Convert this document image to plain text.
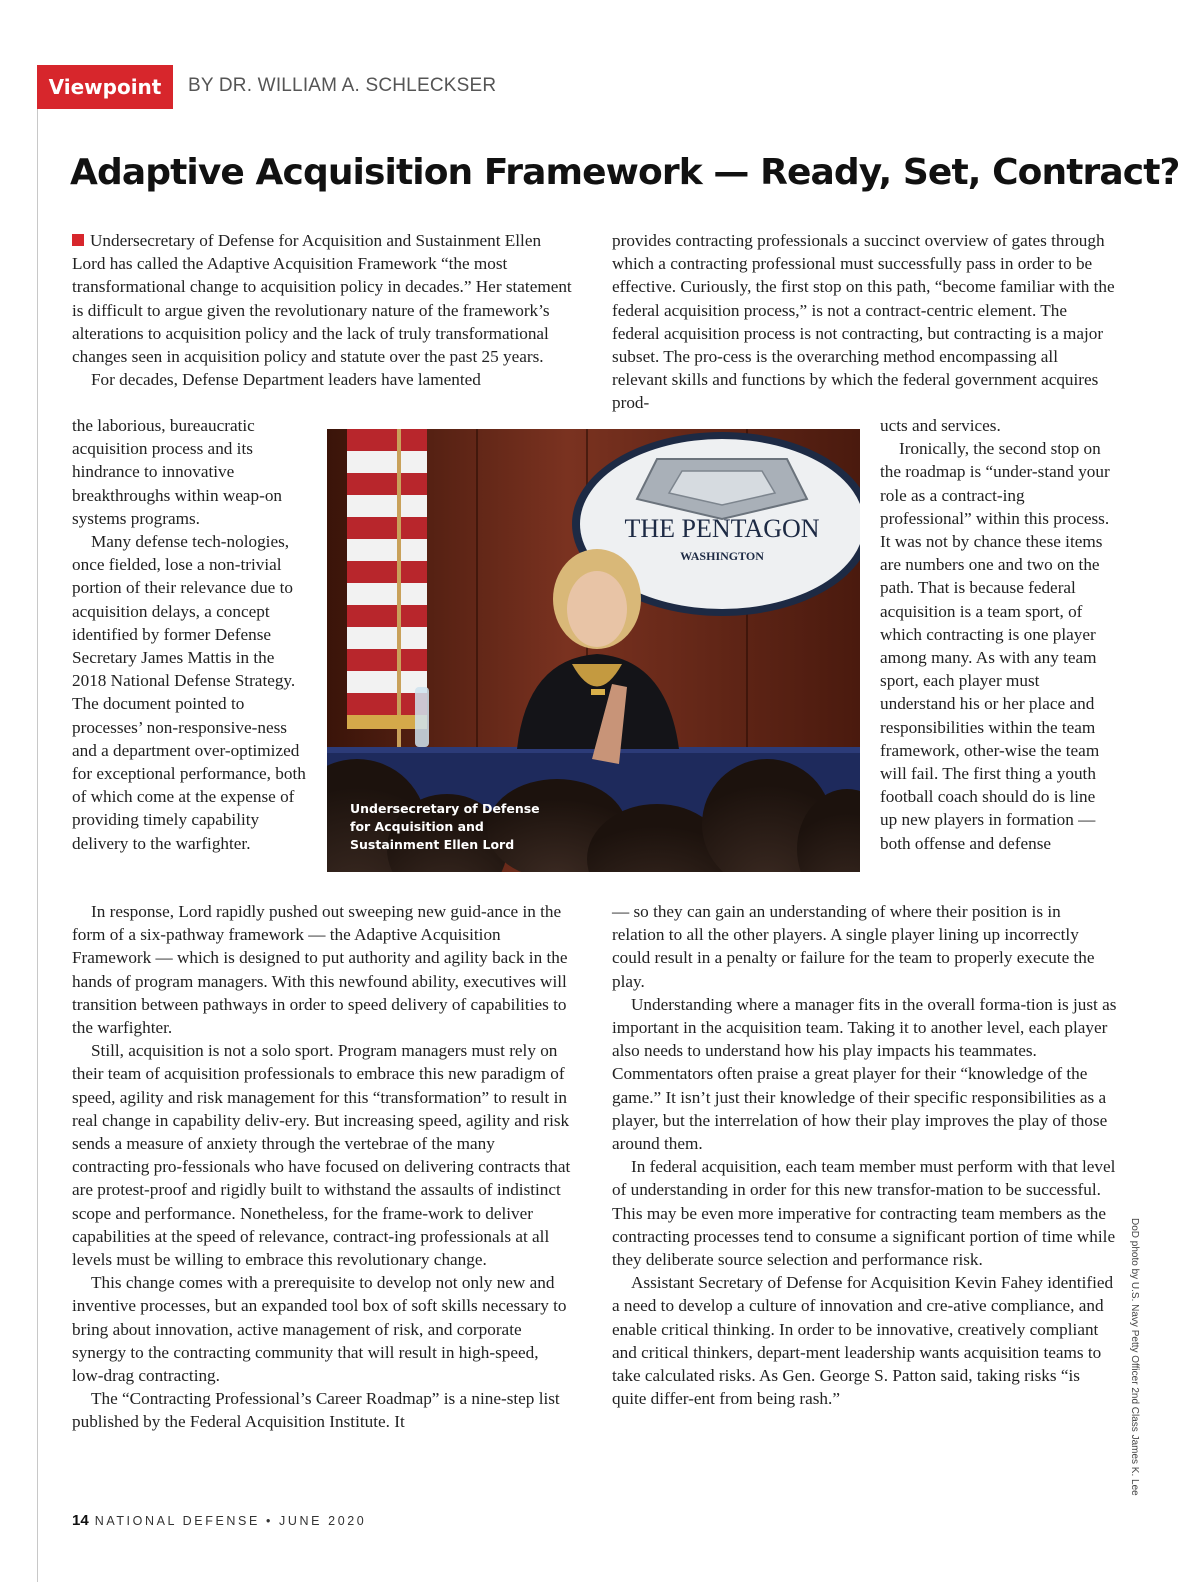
Viewpoint	BY DR. WILLIAM A. SCHLECKSER
Adaptive Acquisition Framework — Ready, Set, Contract?

Undersecretary of Defense for Acquisition and Sustainment Ellen Lord has called the Adaptive Acquisition Framework “the most transformational change to acquisition policy in decades.” Her statement is difficult to argue given the revolutionary nature of the framework’s alterations to acquisition policy and the lack of truly transformational changes seen in acquisition policy and statute over the past 25 years.

For decades, Defense Department leaders have lamented

the laborious, bureaucratic acquisition process and its hindrance to innovative breakthroughs within weap-on systems programs.

Many defense tech-nologies, once fielded, lose a non-trivial portion of their relevance due to acquisition delays, a concept identified by former Defense Secretary James Mattis in the 2018 National Defense Strategy. The document pointed to processes’ non-responsive-ness and a department over-optimized for exceptional performance, both of which come at the expense of providing timely capability delivery to the warfighter.

In response, Lord rapidly pushed out sweeping new guid-ance in the form of a six-pathway framework — the Adaptive Acquisition Framework — which is designed to put authority and agility back in the hands of program managers. With this newfound ability, executives will transition between pathways in order to speed delivery of capabilities to the warfighter.

Still, acquisition is not a solo sport. Program managers must rely on their team of acquisition professionals to embrace this new paradigm of speed, agility and risk management for this “transformation” to result in real change in capability deliv-ery. But increasing speed, agility and risk sends a measure of anxiety through the vertebrae of the many contracting pro-fessionals who have focused on delivering contracts that are protest-proof and rigidly built to withstand the assaults of indistinct scope and performance. Nonetheless, for the frame-work to deliver capabilities at the speed of relevance, contract-ing professionals at all levels must be willing to embrace this revolutionary change.

This change comes with a prerequisite to develop not only new and inventive processes, but an expanded tool box of soft skills necessary to bring about innovation, active management of risk, and corporate synergy to the contracting community that will result in high-speed, low-drag contracting.

The “Contracting Professional’s Career Roadmap” is a nine-step list published by the Federal Acquisition Institute. It

provides contracting professionals a succinct overview of gates through which a contracting professional must successfully pass in order to be effective. Curiously, the first stop on this path, “become familiar with the federal acquisition process,” is not a contract-centric element. The federal acquisition process is not contracting, but contracting is a major subset. The pro-cess is the overarching method encompassing all relevant skills and functions by which the federal government acquires prod-

ucts and services.

Ironically, the second stop on the roadmap is “under-stand your role as a contract-ing professional” within this process. It was not by chance these items are numbers one and two on the path. That is because federal acquisition is a team sport, of which contracting is one player among many. As with any team sport, each player must understand his or her place and responsibilities within the team framework, other-wise the team will fail. The first thing a youth football coach should do is line up new players in formation — both offense and defense

— so they can gain an understanding of where their position is in relation to all the other players. A single player lining up incorrectly could result in a penalty or failure for the team to properly execute the play.

Understanding where a manager fits in the overall forma-tion is just as important in the acquisition team. Taking it to another level, each player also needs to understand how his play impacts his teammates. Commentators often praise a great player for their “knowledge of the game.” It isn’t just their knowledge of their specific responsibilities as a player, but the interrelation of how their play improves the play of those around them.

In federal acquisition, each team member must perform with that level of understanding in order for this new transfor-mation to be successful. This may be even more imperative for contracting team members as the contracting processes tend to consume a significant portion of time while they deliberate source selection and performance risk.

Assistant Secretary of Defense for Acquisition Kevin Fahey identified a need to develop a culture of innovation and cre-ative compliance, and enable critical thinking. In order to be innovative, creatively compliant and critical thinkers, depart-ment leadership wants acquisition teams to take calculated risks. As Gen. George S. Patton said, taking risks “is quite differ-ent from being rash.”

THE PENTAGON
WASHINGTON

Undersecretary of Defense for Acquisition and Sustainment Ellen Lord

DoD photo by U.S. Navy Petty Officer 2nd Class James K. Lee
14 NATIONAL DEFENSE • JUNE 2020
